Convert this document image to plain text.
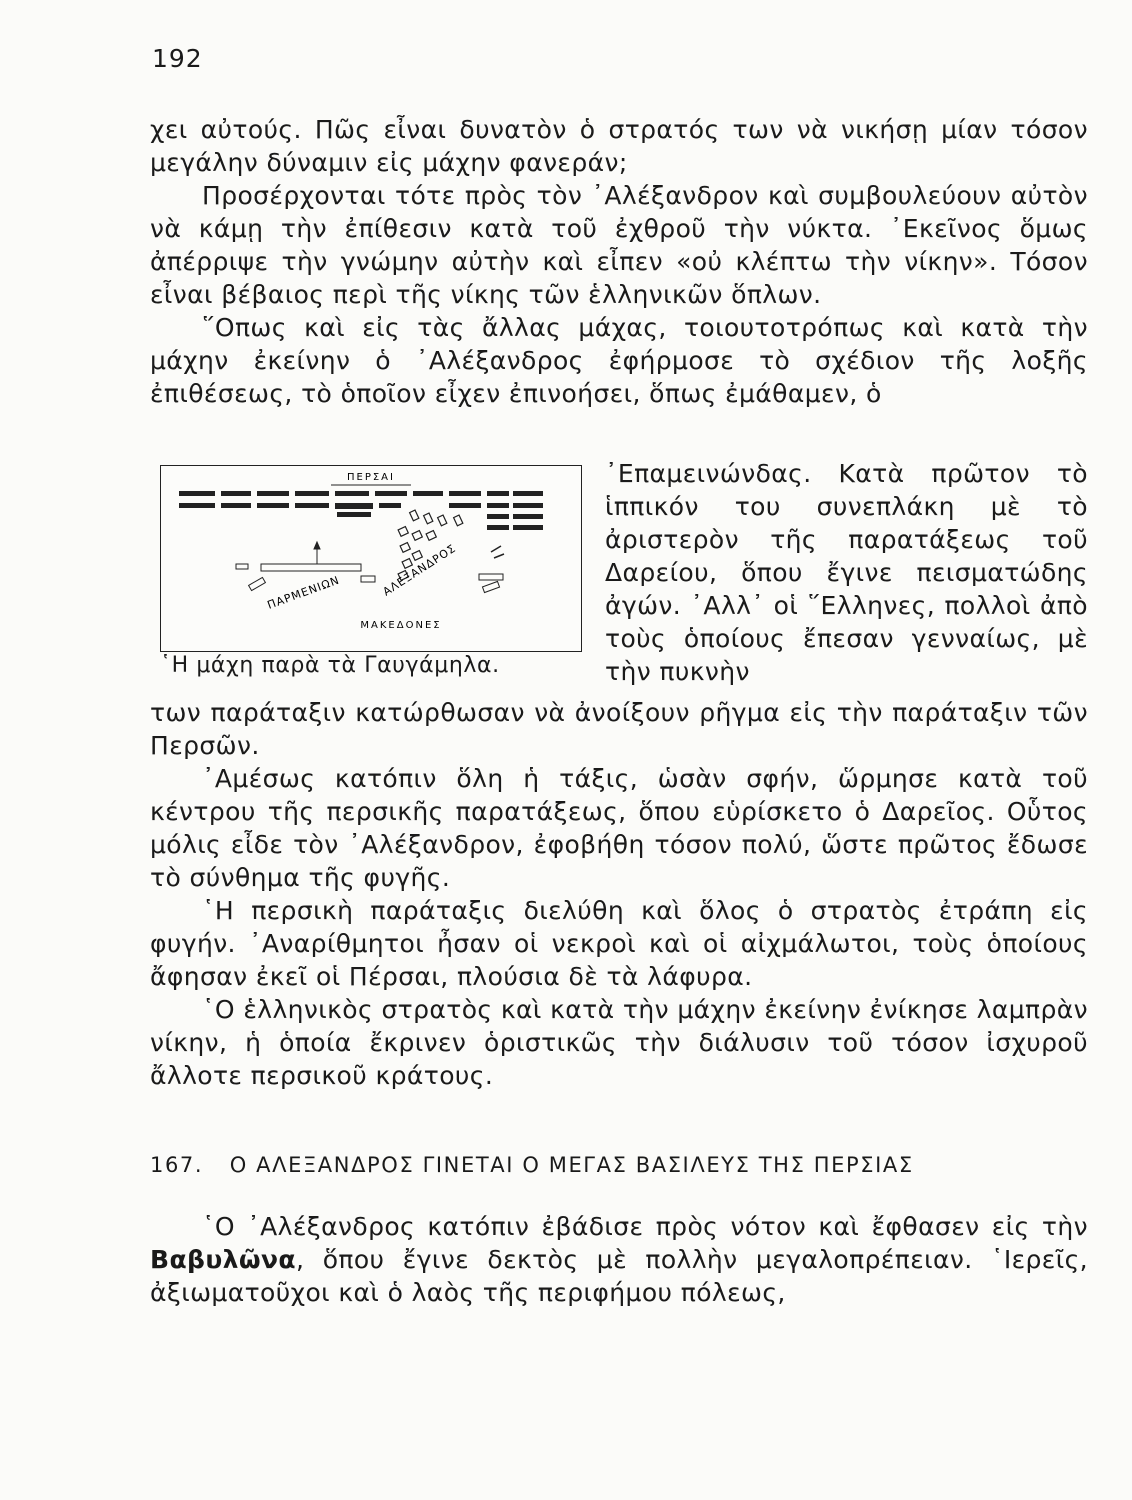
192

χει αὐτούς. Πῶς εἶναι δυνατὸν ὁ στρατός των νὰ νικήσῃ μίαν τόσον μεγάλην δύναμιν εἰς μάχην φανεράν;

Προσέρχονται τότε πρὸς τὸν ᾿Αλέξανδρον καὶ συμβουλεύουν αὐτὸν νὰ κάμῃ τὴν ἐπίθεσιν κατὰ τοῦ ἐχθροῦ τὴν νύκτα. ᾿Εκεῖνος ὅμως ἀπέρριψε τὴν γνώμην αὐτὴν καὶ εἶπεν «οὐ κλέπτω τὴν νίκην». Τόσον εἶναι βέβαιος περὶ τῆς νίκης τῶν ἑλληνικῶν ὅπλων.

῞Οπως καὶ εἰς τὰς ἄλλας μάχας, τοιουτοτρόπως καὶ κατὰ τὴν μάχην ἐκείνην ὁ ᾿Αλέξανδρος ἐφήρμοσε τὸ σχέδιον τῆς λοξῆς ἐπιθέσεως, τὸ ὁποῖον εἶχεν ἐπινοήσει, ὅπως ἐμάθαμεν, ὁ

ΠΕΡΣΑΙ
ΠΑΡΜΕΝΙΩΝ	ΑΛΕΞΑΝΔΡΟΣ
ΜΑΚΕΔΟΝΕΣ
῾Η μάχη παρὰ τὰ Γαυγάμηλα.
᾿Επαμεινώνδας. Κατὰ πρῶτον τὸ ἱππικόν του συνεπλάκη μὲ τὸ ἀριστερὸν τῆς παρατάξεως τοῦ Δαρείου, ὅπου ἔγινε πεισματώδης ἀγών. ᾿Αλλ᾿ οἱ ῞Ελληνες, πολλοὶ ἀπὸ τοὺς ὁποίους ἔπεσαν γενναίως, μὲ τὴν πυκνὴν

των παράταξιν κατώρθωσαν νὰ ἀνοίξουν ρῆγμα εἰς τὴν παράταξιν τῶν Περσῶν.

᾿Αμέσως κατόπιν ὅλη ἡ τάξις, ὡσὰν σφήν, ὥρμησε κατὰ τοῦ κέντρου τῆς περσικῆς παρατάξεως, ὅπου εὑρίσκετο ὁ Δαρεῖος. Οὗτος μόλις εἶδε τὸν ᾿Αλέξανδρον, ἐφοβήθη τόσον πολύ, ὥστε πρῶτος ἔδωσε τὸ σύνθημα τῆς φυγῆς.

῾Η περσικὴ παράταξις διελύθη καὶ ὅλος ὁ στρατὸς ἐτράπη εἰς φυγήν. ᾿Αναρίθμητοι ἦσαν οἱ νεκροὶ καὶ οἱ αἰχμάλωτοι, τοὺς ὁποίους ἄφησαν ἐκεῖ οἱ Πέρσαι, πλούσια δὲ τὰ λάφυρα.

῾Ο ἑλληνικὸς στρατὸς καὶ κατὰ τὴν μάχην ἐκείνην ἐνίκησε λαμπρὰν νίκην, ἡ ὁποία ἔκρινεν ὁριστικῶς τὴν διάλυσιν τοῦ τόσον ἰσχυροῦ ἄλλοτε περσικοῦ κράτους.

167. Ο ΑΛΕΞΑΝΔΡΟΣ ΓΙΝΕΤΑΙ Ο ΜΕΓΑΣ ΒΑΣΙΛΕΥΣ ΤΗΣ ΠΕΡΣΙΑΣ

῾Ο ᾿Αλέξανδρος κατόπιν ἐβάδισε πρὸς νότον καὶ ἔφθασεν εἰς τὴν Βαβυλῶνα, ὅπου ἔγινε δεκτὸς μὲ πολλὴν μεγαλοπρέπειαν. ῾Ιερεῖς, ἀξιωματοῦχοι καὶ ὁ λαὸς τῆς περιφήμου πόλεως,
